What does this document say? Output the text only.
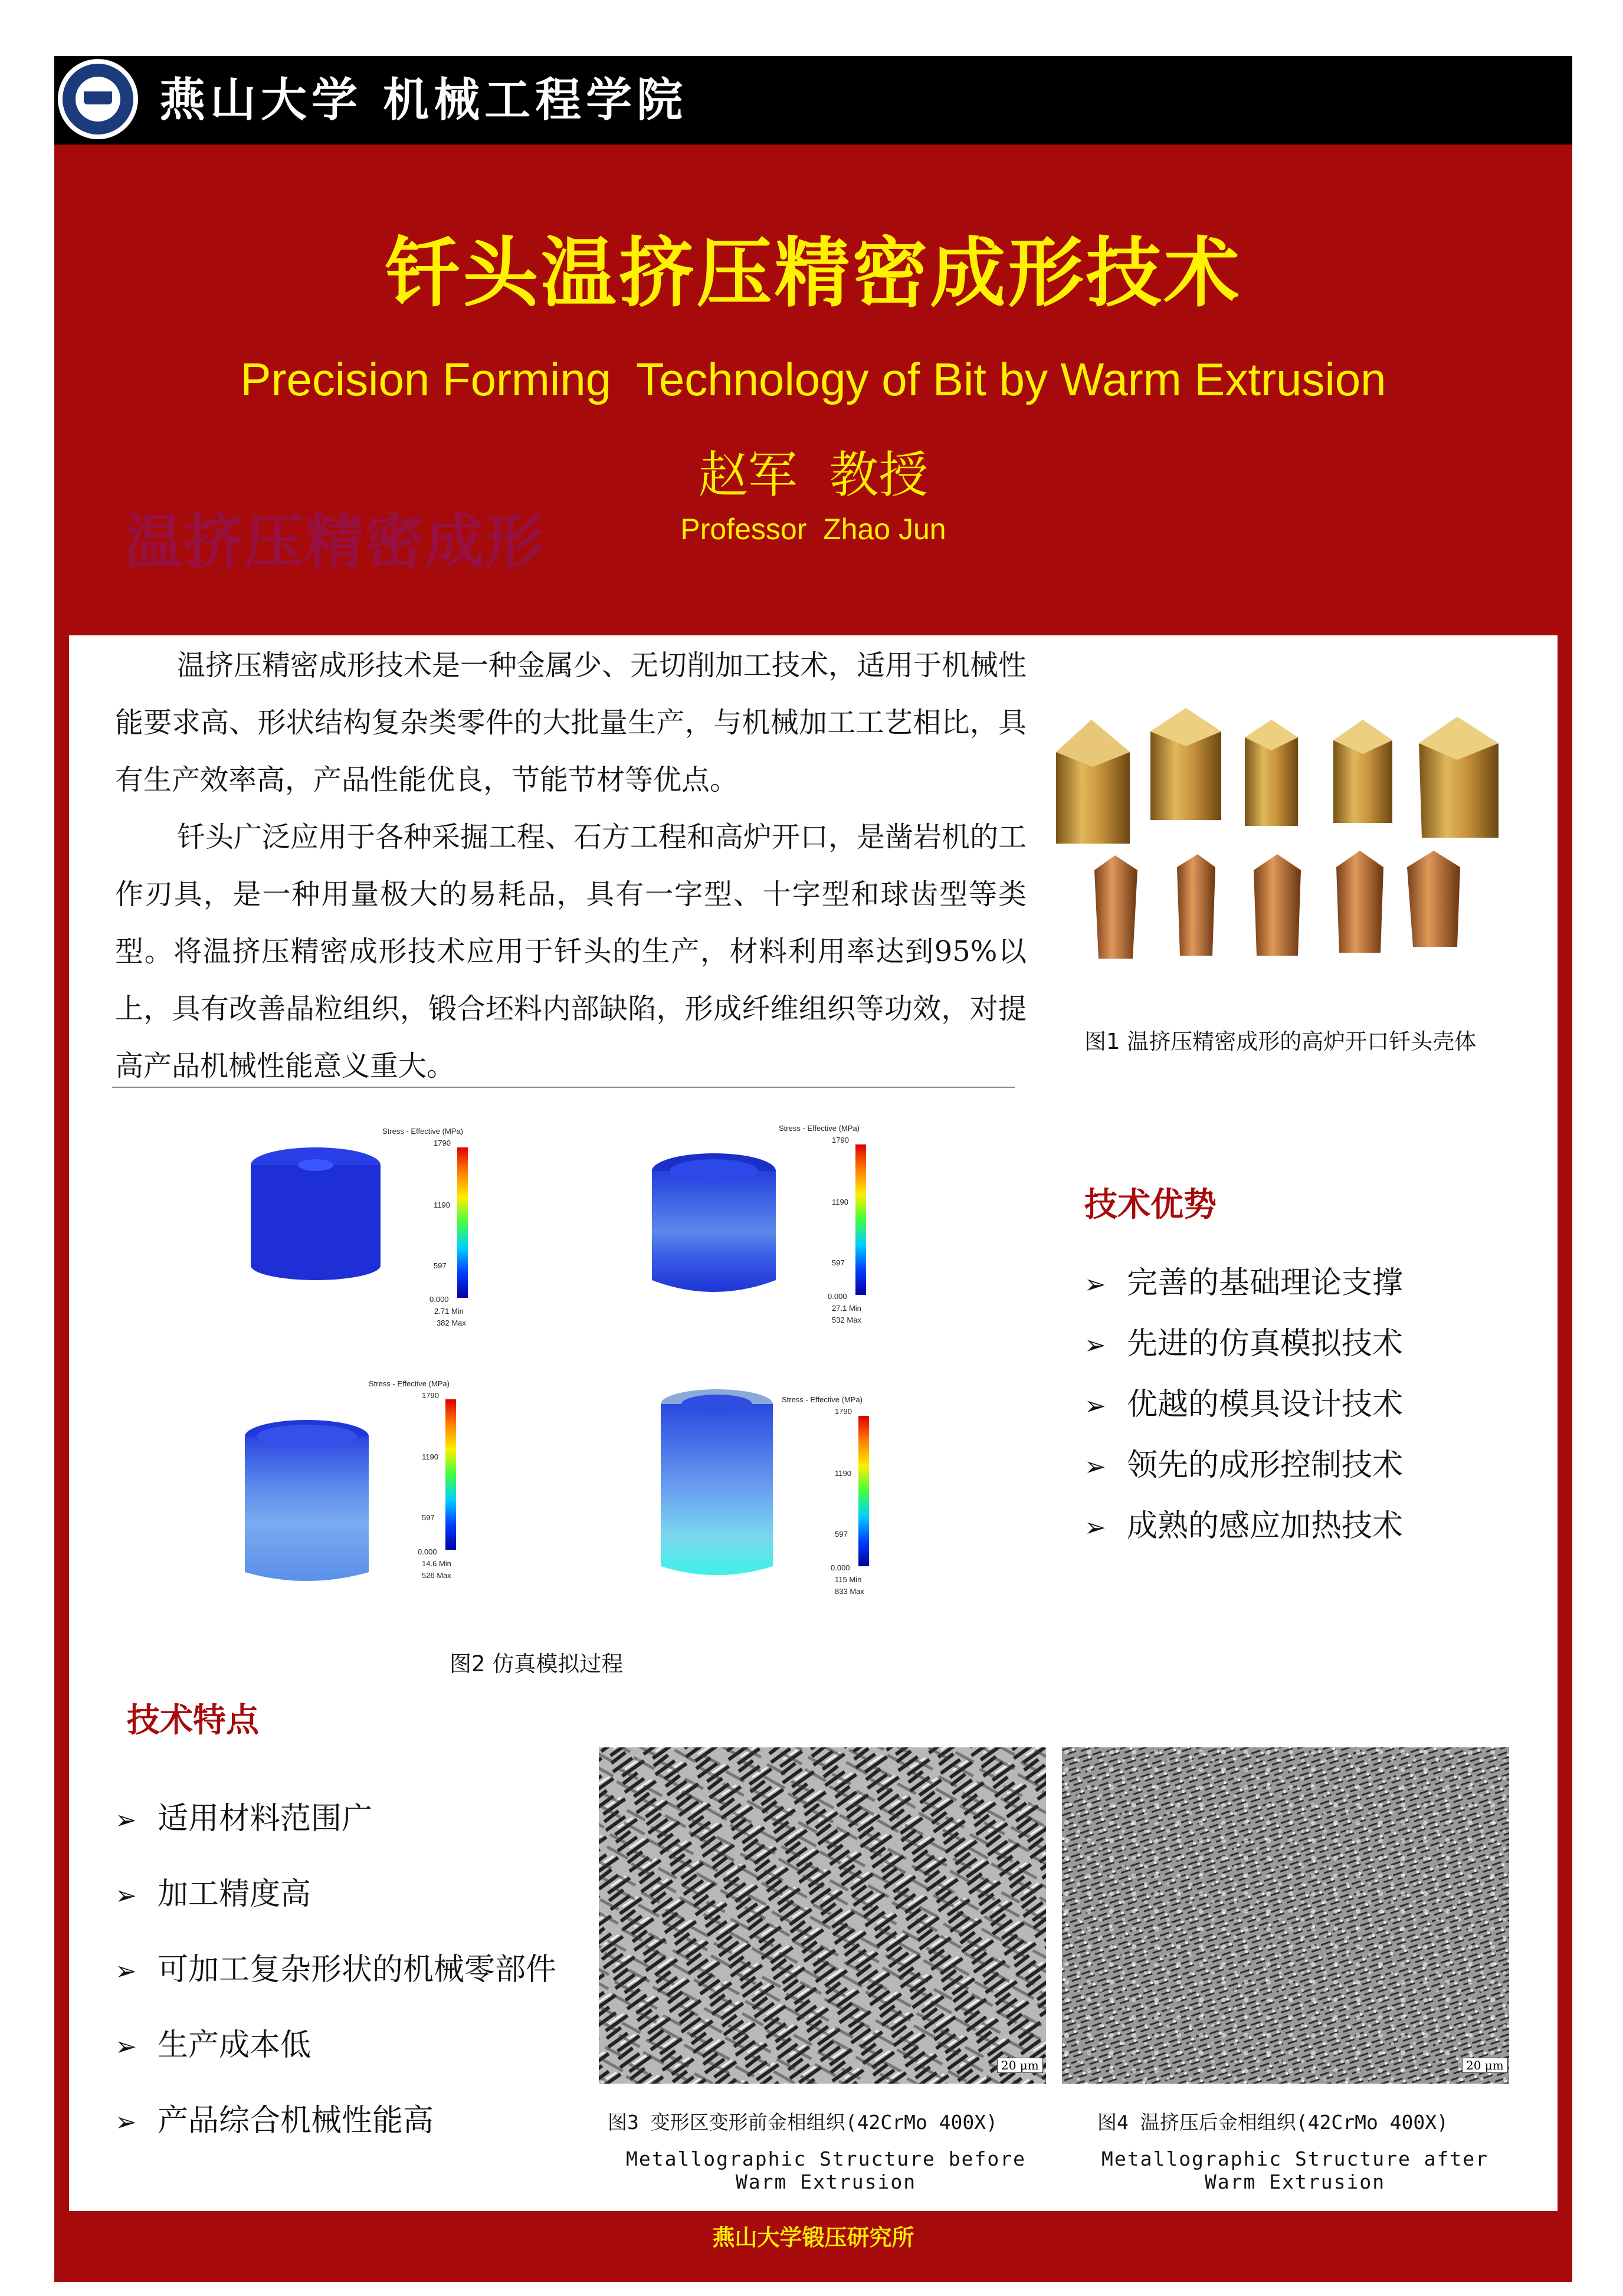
1920
燕山大学 机械工程学院
温挤压精密成形
钎头温挤压精密成形技术
Precision Forming  Technology of Bit by Warm Extrusion
赵军  教授
Professor  Zhao Jun

温挤压精密成形技术是一种金属少、无切削加工技术，适用于机械性能要求高、形状结构复杂类零件的大批量生产，与机械加工工艺相比，具有生产效率高，产品性能优良，节能节材等优点。

钎头广泛应用于各种采掘工程、石方工程和高炉开口，是凿岩机的工作刃具，是一种用量极大的易耗品，具有一字型、十字型和球齿型等类型。将温挤压精密成形技术应用于钎头的生产，材料利用率达到95%以上，具有改善晶粒组织，锻合坯料内部缺陷，形成纤维组织等功效，对提高产品机械性能意义重大。

图1 温挤压精密成形的高炉开口钎头壳体
Stress - Effective (MPa)
1790
1190
597
0.000
2.71 Min
382 Max
Stress - Effective (MPa)
1790
1190
597
0.000
27.1 Min
532 Max
Stress - Effective (MPa)
1790
1190
597
0.000
14.6 Min
526 Max
Stress - Effective (MPa)
1790
1190
597
0.000
115 Min
833 Max
图2 仿真模拟过程
技术优势
➢ 完善的基础理论支撑
➢ 先进的仿真模拟技术
➢ 优越的模具设计技术
➢ 领先的成形控制技术
➢ 成熟的感应加热技术
技术特点
➢ 适用材料范围广
➢ 加工精度高
➢ 可加工复杂形状的机械零部件
➢ 生产成本低
➢ 产品综合机械性能高
20 μm	20 μm
图3 变形区变形前金相组织(42CrMo 400X)
Metallographic Structure before Warm Extrusion
图4 温挤压后金相组织(42CrMo 400X)
Metallographic Structure after Warm Extrusion
燕山大学锻压研究所
